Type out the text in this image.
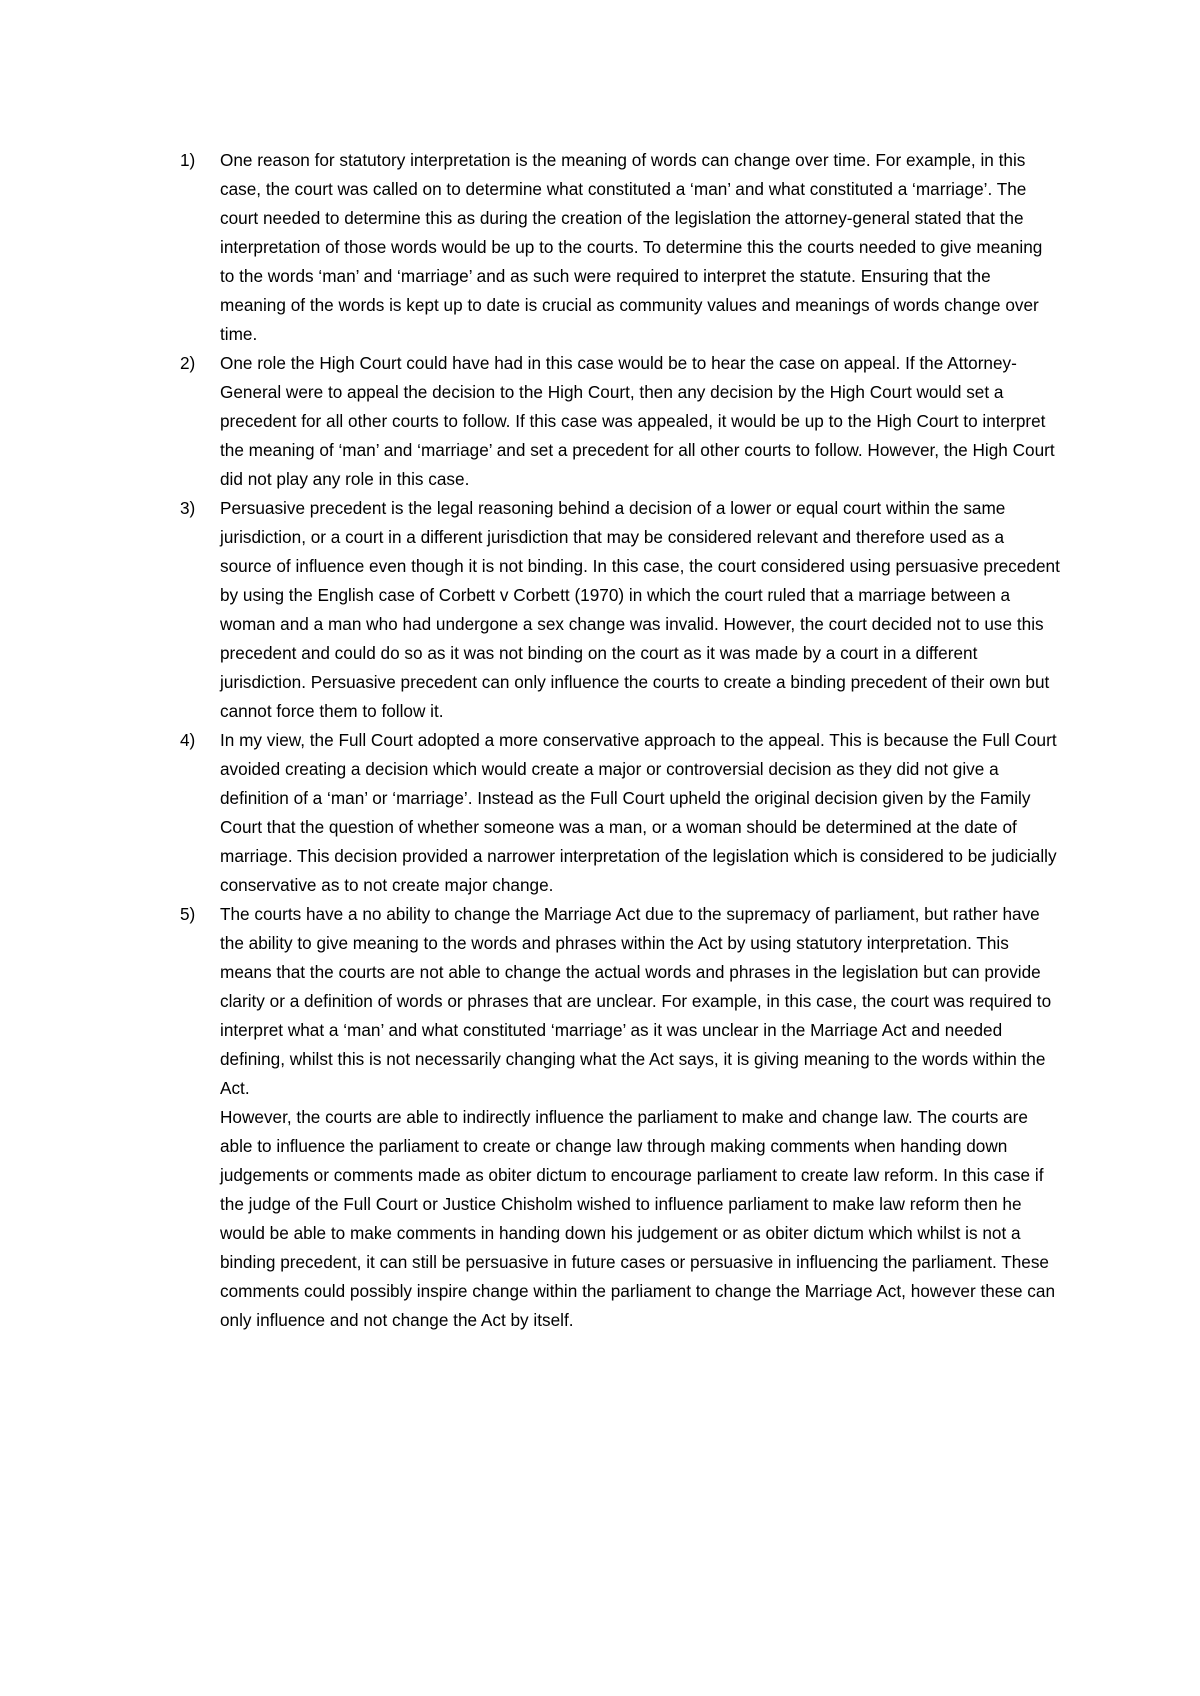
1) One reason for statutory interpretation is the meaning of words can change over time. For example, in this case, the court was called on to determine what constituted a ‘man’ and what constituted a ‘marriage’. The court needed to determine this as during the creation of the legislation the attorney-general stated that the interpretation of those words would be up to the courts. To determine this the courts needed to give meaning to the words ‘man’ and ‘marriage’ and as such were required to interpret the statute. Ensuring that the meaning of the words is kept up to date is crucial as community values and meanings of words change over time.

2) One role the High Court could have had in this case would be to hear the case on appeal. If the Attorney-General were to appeal the decision to the High Court, then any decision by the High Court would set a precedent for all other courts to follow. If this case was appealed, it would be up to the High Court to interpret the meaning of ‘man’ and ‘marriage’ and set a precedent for all other courts to follow. However, the High Court did not play any role in this case.

3) Persuasive precedent is the legal reasoning behind a decision of a lower or equal court within the same jurisdiction, or a court in a different jurisdiction that may be considered relevant and therefore used as a source of influence even though it is not binding. In this case, the court considered using persuasive precedent by using the English case of Corbett v Corbett (1970) in which the court ruled that a marriage between a woman and a man who had undergone a sex change was invalid. However, the court decided not to use this precedent and could do so as it was not binding on the court as it was made by a court in a different jurisdiction. Persuasive precedent can only influence the courts to create a binding precedent of their own but cannot force them to follow it.

4) In my view, the Full Court adopted a more conservative approach to the appeal. This is because the Full Court avoided creating a decision which would create a major or controversial decision as they did not give a definition of a ‘man’ or ‘marriage’. Instead as the Full Court upheld the original decision given by the Family Court that the question of whether someone was a man, or a woman should be determined at the date of marriage. This decision provided a narrower interpretation of the legislation which is considered to be judicially conservative as to not create major change.

5) The courts have a no ability to change the Marriage Act due to the supremacy of parliament, but rather have the ability to give meaning to the words and phrases within the Act by using statutory interpretation. This means that the courts are not able to change the actual words and phrases in the legislation but can provide clarity or a definition of words or phrases that are unclear. For example, in this case, the court was required to interpret what a ‘man’ and what constituted ‘marriage’ as it was unclear in the Marriage Act and needed defining, whilst this is not necessarily changing what the Act says, it is giving meaning to the words within the Act.

However, the courts are able to indirectly influence the parliament to make and change law. The courts are able to influence the parliament to create or change law through making comments when handing down judgements or comments made as obiter dictum to encourage parliament to create law reform. In this case if the judge of the Full Court or Justice Chisholm wished to influence parliament to make law reform then he would be able to make comments in handing down his judgement or as obiter dictum which whilst is not a binding precedent, it can still be persuasive in future cases or persuasive in influencing the parliament. These comments could possibly inspire change within the parliament to change the Marriage Act, however these can only influence and not change the Act by itself.
